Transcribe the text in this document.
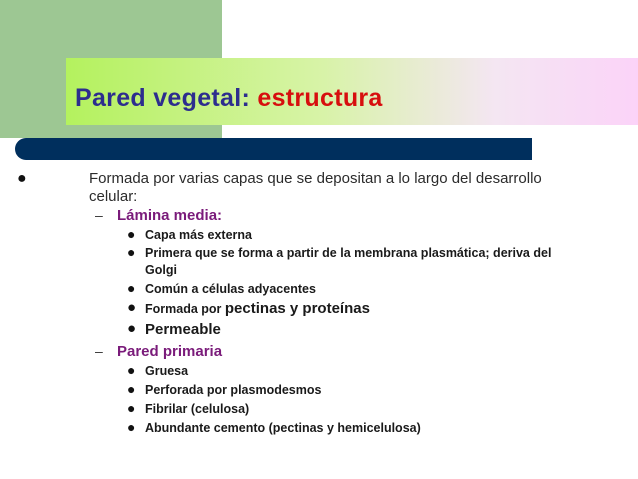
Pared vegetal: estructura
●	Formada por varias capas que se depositan a lo largo del desarrollo
celular:
– Lámina media:
● Capa más externa
● Primera que se forma a partir de la membrana plasmática; deriva del
Golgi
● Común a células adyacentes
● Formada por pectinas y proteínas
● Permeable
– Pared primaria
● Gruesa
● Perforada por plasmodesmos
● Fibrilar (celulosa)
● Abundante cemento (pectinas y hemicelulosa)
